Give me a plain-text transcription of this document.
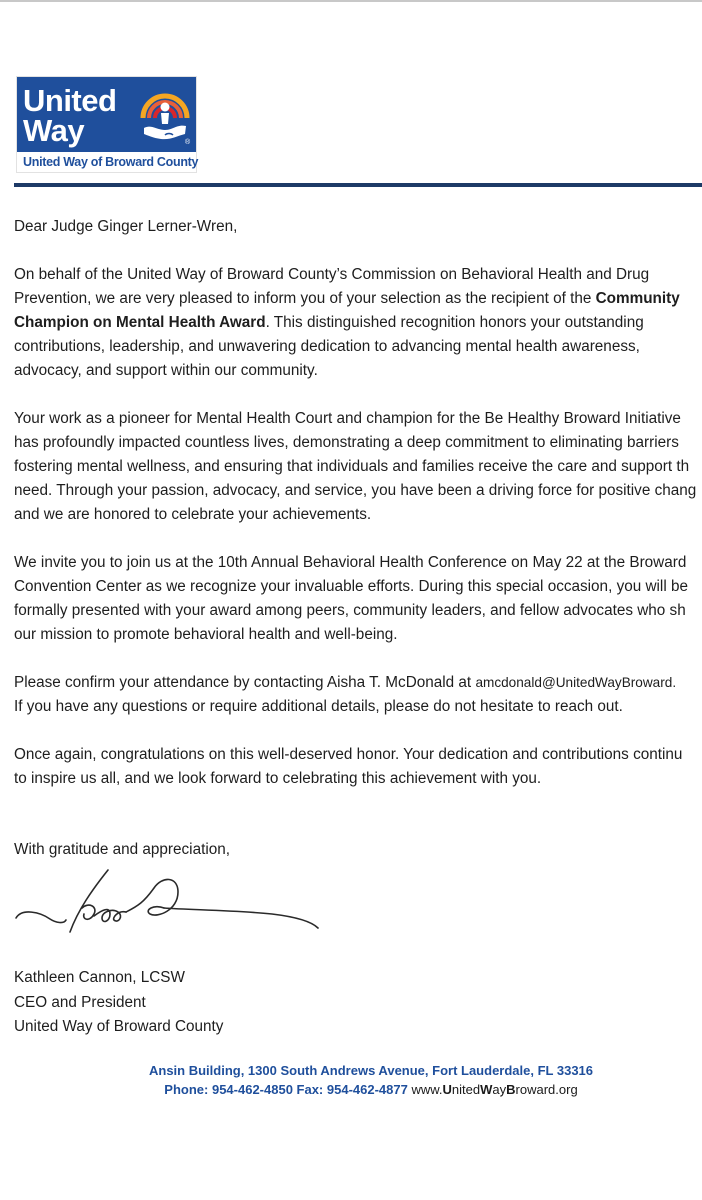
United
Way	®
United Way of Broward County

Dear Judge Ginger Lerner-Wren,

On behalf of the United Way of Broward County’s Commission on Behavioral Health and Drug

Prevention, we are very pleased to inform you of your selection as the recipient of the Community

Champion on Mental Health Award. This distinguished recognition honors your outstanding

contributions, leadership, and unwavering dedication to advancing mental health awareness,

advocacy, and support within our community.

Your work as a pioneer for Mental Health Court and champion for the Be Healthy Broward Initiative

has profoundly impacted countless lives, demonstrating a deep commitment to eliminating barriers

fostering mental wellness, and ensuring that individuals and families receive the care and support th

need. Through your passion, advocacy, and service, you have been a driving force for positive chang

and we are honored to celebrate your achievements.

We invite you to join us at the 10th Annual Behavioral Health Conference on May 22 at the Broward

Convention Center as we recognize your invaluable efforts. During this special occasion, you will be

formally presented with your award among peers, community leaders, and fellow advocates who sh

our mission to promote behavioral health and well-being.

Please confirm your attendance by contacting Aisha T. McDonald at amcdonald@UnitedWayBroward.

If you have any questions or require additional details, please do not hesitate to reach out.

Once again, congratulations on this well-deserved honor. Your dedication and contributions continu

to inspire us all, and we look forward to celebrating this achievement with you.

With gratitude and appreciation,
Kathleen Cannon, LCSW
CEO and President
United Way of Broward County
Ansin Building, 1300 South Andrews Avenue, Fort Lauderdale, FL 33316
Phone: 954-462-4850 Fax: 954-462-4877 www.UnitedWayBroward.org
